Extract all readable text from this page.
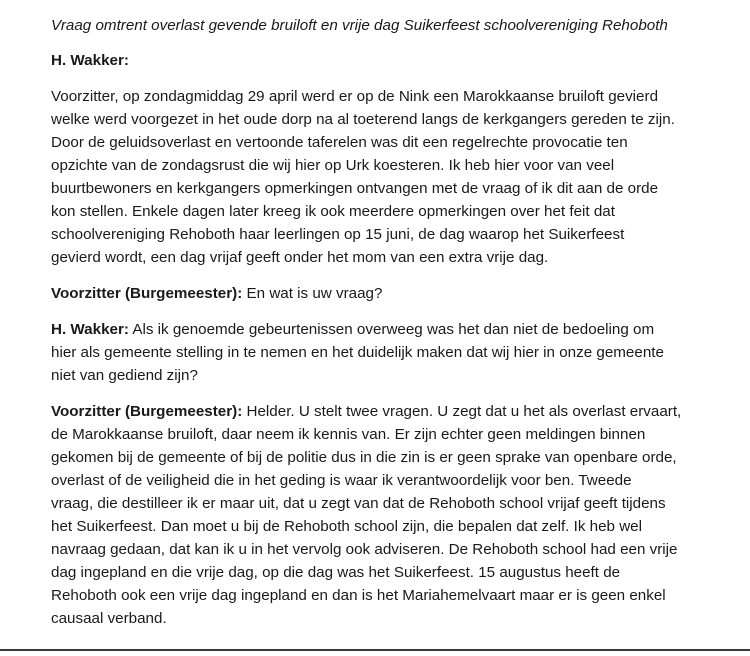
Vraag omtrent overlast gevende bruiloft en vrije dag Suikerfeest schoolvereniging Rehoboth

H. Wakker:

Voorzitter, op zondagmiddag 29 april werd er op de Nink een Marokkaanse bruiloft gevierd
welke werd voorgezet in het oude dorp na al toeterend langs de kerkgangers gereden te zijn.
Door de geluidsoverlast en vertoonde taferelen was dit een regelrechte provocatie ten
opzichte van de zondagsrust die wij hier op Urk koesteren. Ik heb hier voor van veel
buurtbewoners en kerkgangers opmerkingen ontvangen met de vraag of ik dit aan de orde
kon stellen. Enkele dagen later kreeg ik ook meerdere opmerkingen over het feit dat
schoolvereniging Rehoboth haar leerlingen op 15 juni, de dag waarop het Suikerfeest
gevierd wordt, een dag vrijaf geeft onder het mom van een extra vrije dag.

Voorzitter (Burgemeester): En wat is uw vraag?

H. Wakker: Als ik genoemde gebeurtenissen overweeg was het dan niet de bedoeling om
hier als gemeente stelling in te nemen en het duidelijk maken dat wij hier in onze gemeente
niet van gediend zijn?

Voorzitter (Burgemeester): Helder. U stelt twee vragen. U zegt dat u het als overlast ervaart,
de Marokkaanse bruiloft, daar neem ik kennis van. Er zijn echter geen meldingen binnen
gekomen bij de gemeente of bij de politie dus in die zin is er geen sprake van openbare orde,
overlast of de veiligheid die in het geding is waar ik verantwoordelijk voor ben. Tweede
vraag, die destilleer ik er maar uit, dat u zegt van dat de Rehoboth school vrijaf geeft tijdens
het Suikerfeest. Dan moet u bij de Rehoboth school zijn, die bepalen dat zelf. Ik heb wel
navraag gedaan, dat kan ik u in het vervolg ook adviseren. De Rehoboth school had een vrije
dag ingepland en die vrije dag, op die dag was het Suikerfeest. 15 augustus heeft de
Rehoboth ook een vrije dag ingepland en dan is het Mariahemelvaart maar er is geen enkel
causaal verband.
